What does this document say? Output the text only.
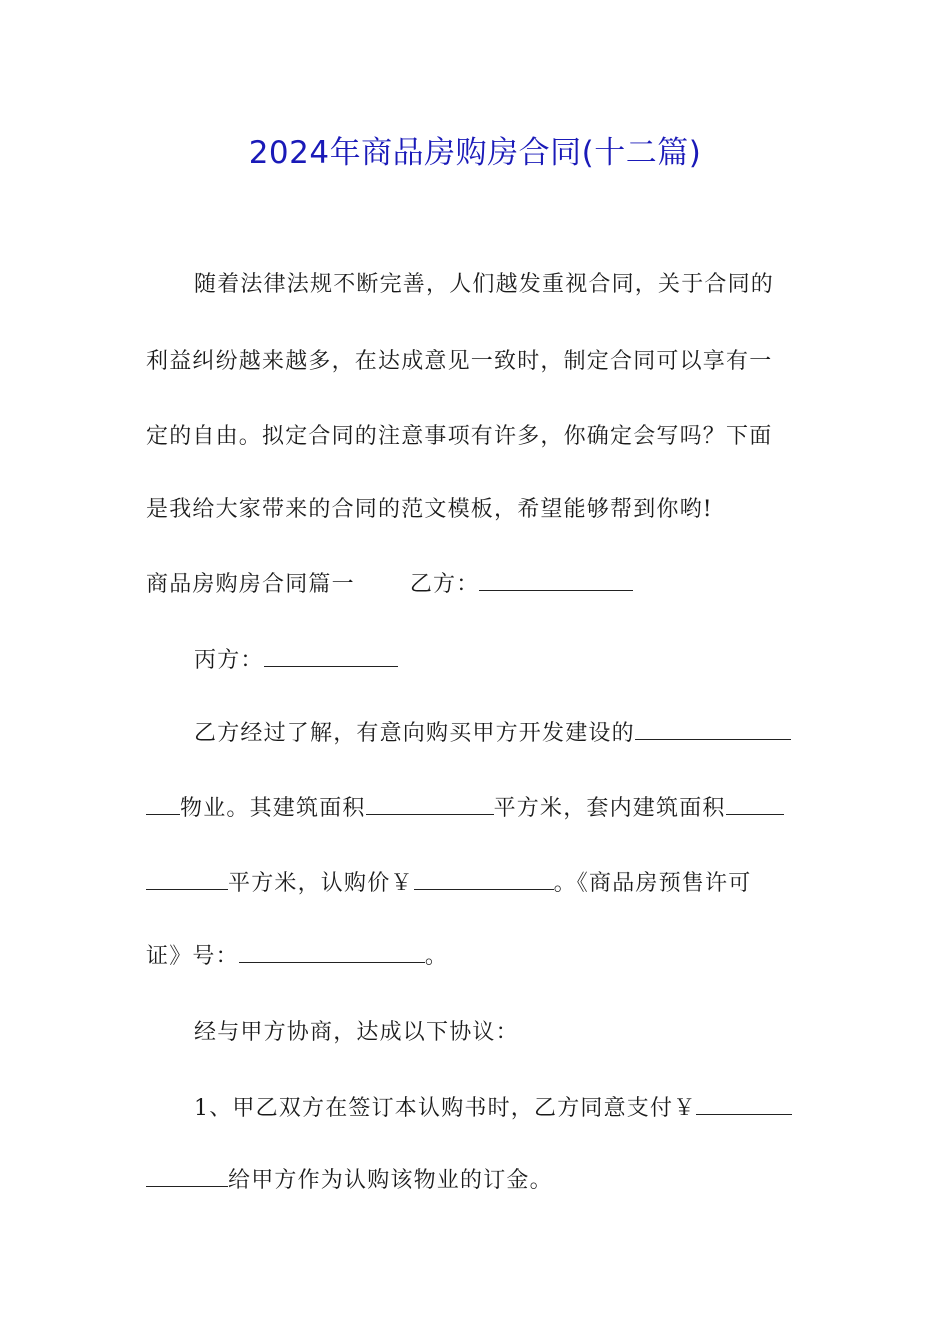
2024年商品房购房合同(十二篇)
随着法律法规不断完善，人们越发重视合同，关于合同的
利益纠纷越来越多，在达成意见一致时，制定合同可以享有一
定的自由。拟定合同的注意事项有许多，你确定会写吗？下面
是我给大家带来的合同的范文模板，希望能够帮到你哟!
商品房购房合同篇一	乙方：
丙方：
乙方经过了解，有意向购买甲方开发建设的
物业。其建筑面积	平方米，套内建筑面积
平方米，认购价￥	。《商品房预售许可
证》号：	。
经与甲方协商，达成以下协议：
1、甲乙双方在签订本认购书时，乙方同意支付￥
给甲方作为认购该物业的订金。
